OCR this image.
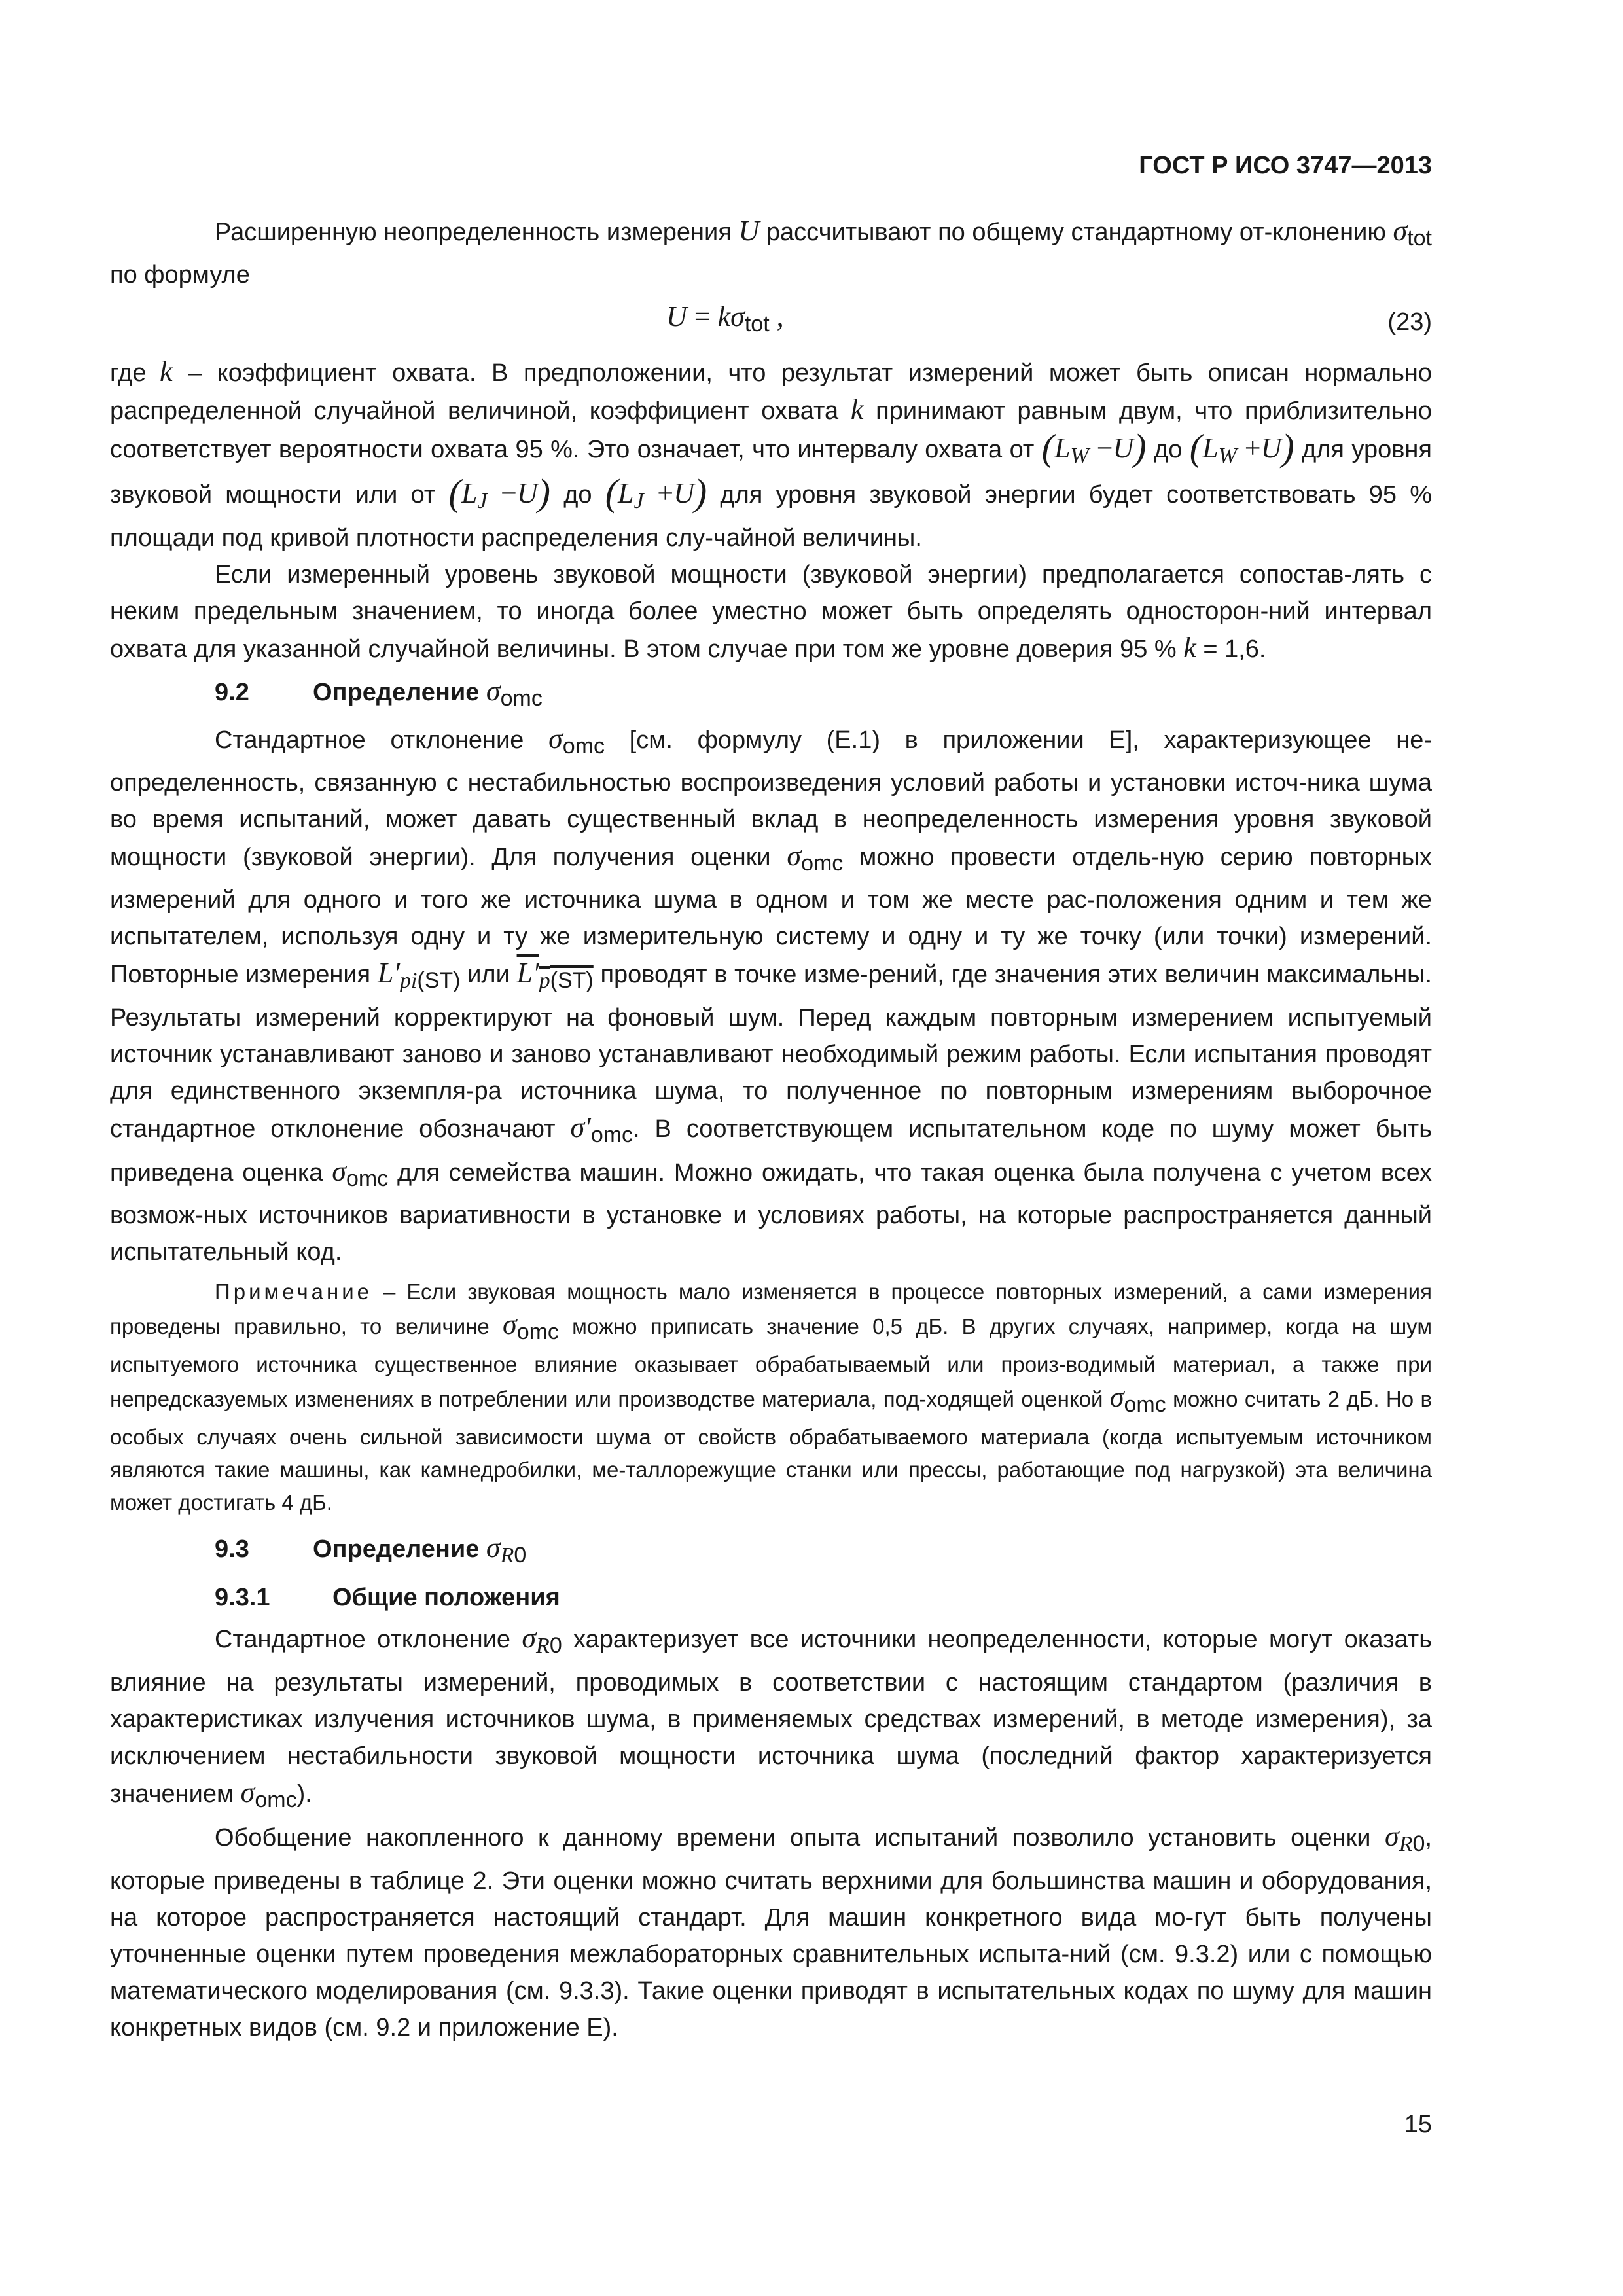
ГОСТ Р ИСО 3747—2013

Расширенную неопределенность измерения U рассчитывают по общему стандартному от-клонению $\sigma_{tot}$ по формуле

$U = k\sigma_{tot}$ ,	(23)

где k – коэффициент охвата. В предположении, что результат измерений может быть описан нормально распределенной случайной величиной, коэффициент охвата k принимают равным двум, что приблизительно соответствует вероятности охвата 95 %. Это означает, что интервалу охвата от (LW −U) до (LW +U) для уровня звуковой мощности или от (LJ −U) до (LJ +U) для уровня звуковой энергии будет соответствовать 95 % площади под кривой плотности распределения слу-чайной величины.

Если измеренный уровень звуковой мощности (звуковой энергии) предполагается сопостав-лять с неким предельным значением, то иногда более уместно может быть определять односторон-ний интервал охвата для указанной случайной величины. В этом случае при том же уровне доверия 95 % k = 1,6.

9.2	Определение $\sigma_{omc}$

Стандартное отклонение $\sigma_{omc}$ [см. формулу (Е.1) в приложении Е], характеризующее не-определенность, связанную с нестабильностью воспроизведения условий работы и установки источ-ника шума во время испытаний, может давать существенный вклад в неопределенность измерения уровня звуковой мощности (звуковой энергии). Для получения оценки $\sigma_{omc}$ можно провести отдель-ную серию повторных измерений для одного и того же источника шума в одном и том же месте рас-положения одним и тем же испытателем, используя одну и ту же измерительную систему и одну и ту же точку (или точки) измерений. Повторные измерения $L'pi_{(ST)}$ или $L'p_{(ST)}$ проводят в точке изме-рений, где значения этих величин максимальны. Результаты измерений корректируют на фоновый шум. Перед каждым повторным измерением испытуемый источник устанавливают заново и заново устанавливают необходимый режим работы. Если испытания проводят для единственного экземпля-ра источника шума, то полученное по повторным измерениям выборочное стандартное отклонение обозначают $\sigma'_{omc}$. В соответствующем испытательном коде по шуму может быть приведена оценка $\sigma_{omc}$ для семейства машин. Можно ожидать, что такая оценка была получена с учетом всех возмож-ных источников вариативности в установке и условиях работы, на которые распространяется данный испытательный код.

Примечание – Если звуковая мощность мало изменяется в процессе повторных измерений, а сами измерения проведены правильно, то величине $\sigma_{omc}$ можно приписать значение 0,5 дБ. В других случаях, например, когда на шум испытуемого источника существенное влияние оказывает обрабатываемый или произ-водимый материал, а также при непредсказуемых изменениях в потреблении или производстве материала, под-ходящей оценкой $\sigma_{omc}$ можно считать 2 дБ. Но в особых случаях очень сильной зависимости шума от свойств обрабатываемого материала (когда испытуемым источником являются такие машины, как камнедробилки, ме-таллорежущие станки или прессы, работающие под нагрузкой) эта величина может достигать 4 дБ.

9.3	Определение $\sigma R_0$
9.3.1	Общие положения

Стандартное отклонение $\sigma R_0$ характеризует все источники неопределенности, которые могут оказать влияние на результаты измерений, проводимых в соответствии с настоящим стандартом (различия в характеристиках излучения источников шума, в применяемых средствах измерений, в методе измерения), за исключением нестабильности звуковой мощности источника шума (последний фактор характеризуется значением $\sigma_{omc}$).

Обобщение накопленного к данному времени опыта испытаний позволило установить оценки $\sigma R_0$, которые приведены в таблице 2. Эти оценки можно считать верхними для большинства машин и оборудования, на которое распространяется настоящий стандарт. Для машин конкретного вида мо-гут быть получены уточненные оценки путем проведения межлабораторных сравнительных испыта-ний (см. 9.3.2) или с помощью математического моделирования (см. 9.3.3). Такие оценки приводят в испытательных кодах по шуму для машин конкретных видов (см. 9.2 и приложение Е).

15
